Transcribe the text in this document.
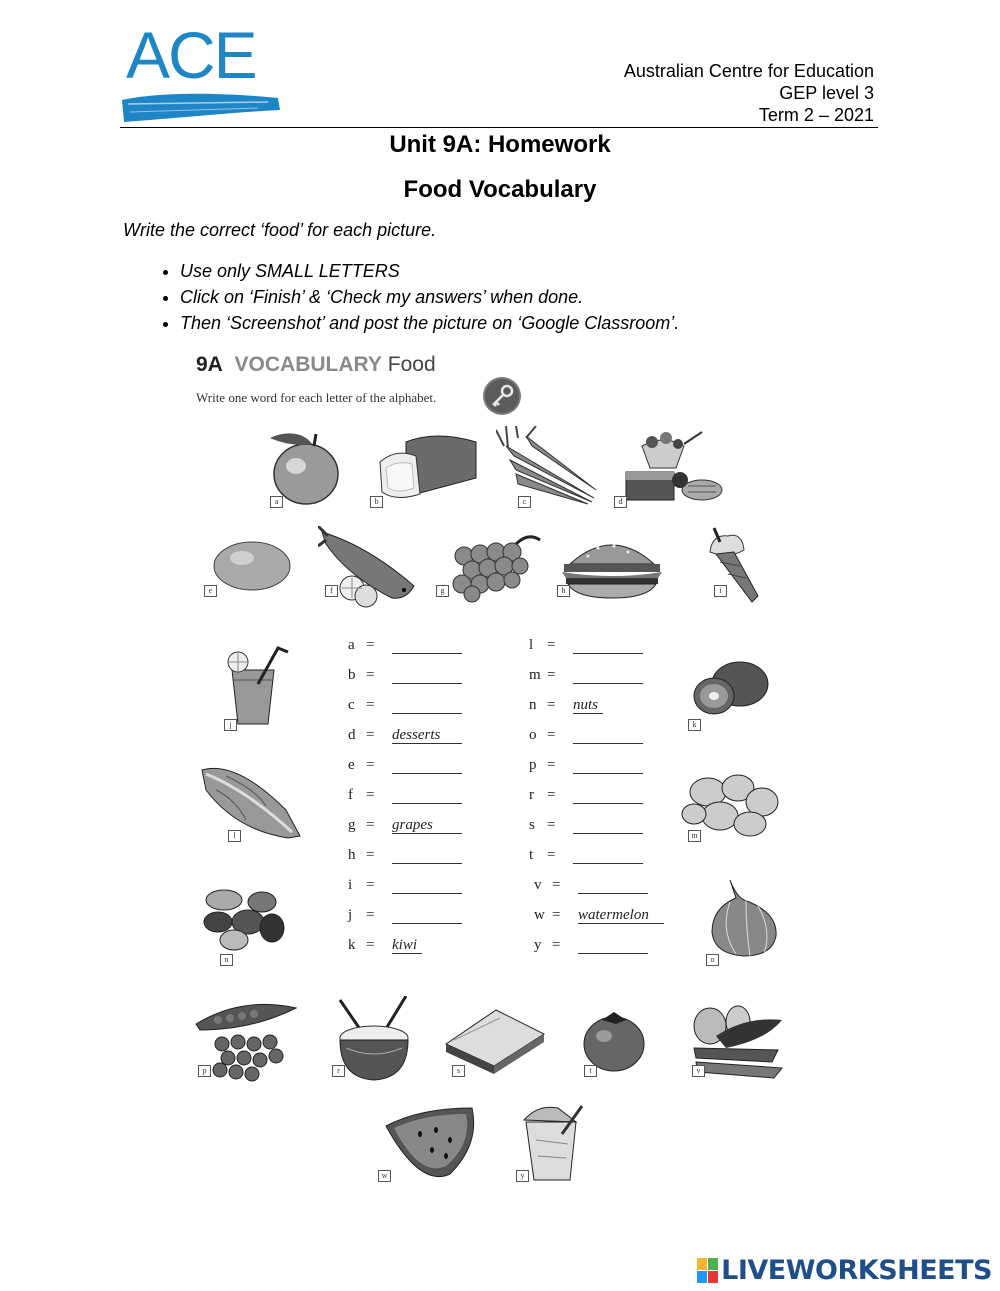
ACE	Australian Centre for Education
GEP level 3
Term 2 – 2021
Unit 9A: Homework
Food Vocabulary
Write the correct ‘food’ for each picture.
• Use only SMALL LETTERS
• Click on ‘Finish’ & ‘Check my answers’ when done.
• Then ‘Screenshot’ and post the picture on ‘Google Classroom’.
9A VOCABULARY Food
Write one word for each letter of the alphabet.
a	b	c	d
e	f	g	h	i
j	k
l	m
n	o
p	r	s	t	v
w	y
a =
b =
c =
d = desserts
e =
f =
g = grapes
h =
i =
j =
k = kiwi
l =
m =
n = nuts
o =
p =
r =
s =
t =
v =
w = watermelon
y =
LIVEWORKSHEETS
